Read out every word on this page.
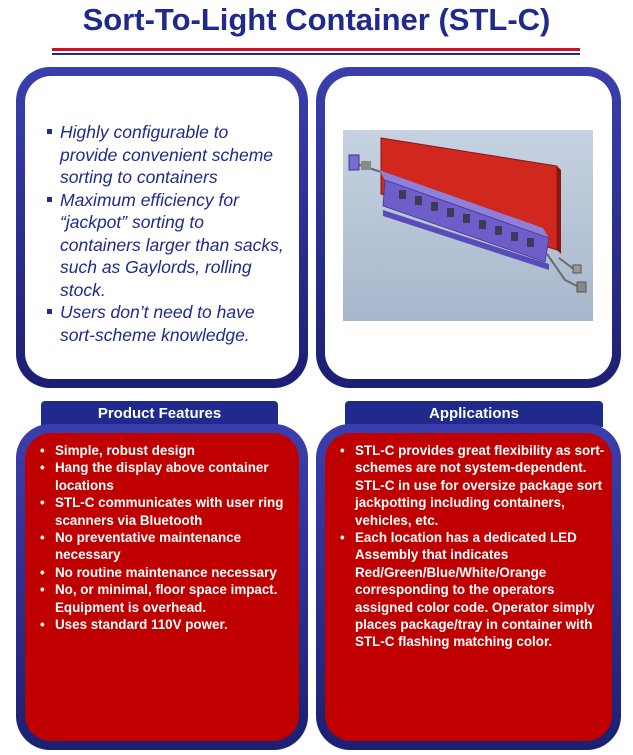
Sort-To-Light Container (STL-C)
Highly configurable to provide convenient scheme sorting to containers
Maximum efficiency for “jackpot” sorting to containers larger than sacks, such as Gaylords, rolling stock.
Users don’t need to have sort-scheme knowledge.
Product Features
• Simple, robust design
• Hang the display above container locations
• STL-C communicates with user ring scanners via Bluetooth
• No preventative maintenance necessary
• No routine maintenance necessary
• No, or minimal, floor space impact. Equipment is overhead.
• Uses standard 110V power.
Applications
• STL-C provides great flexibility as sort-schemes are not system-dependent. STL-C in use for oversize package sort jackpotting including containers, vehicles, etc.
• Each location has a dedicated LED Assembly that indicates Red/Green/Blue/White/Orange corresponding to the operators assigned color code. Operator simply places package/tray in container with STL-C flashing matching color.
